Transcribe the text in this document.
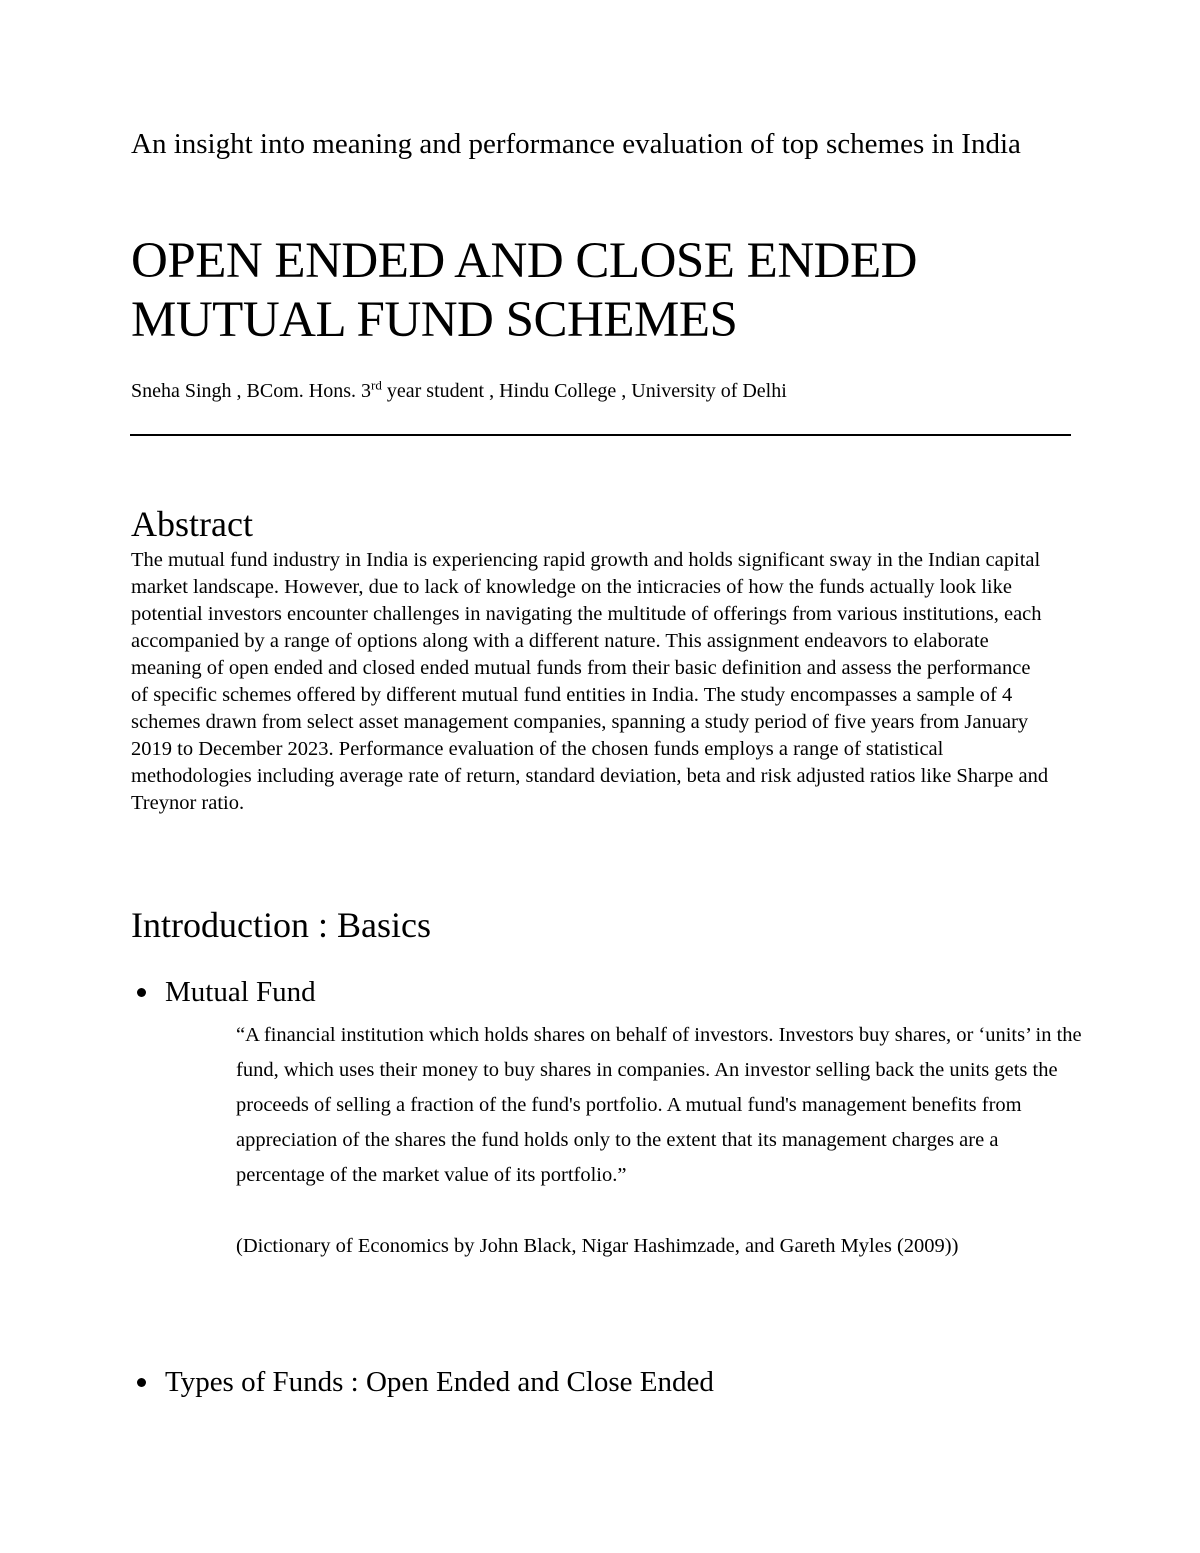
An insight into meaning and performance evaluation of top schemes in India
OPEN ENDED AND CLOSE ENDED MUTUAL FUND SCHEMES

Sneha Singh , BCom. Hons. 3rd year student , Hindu College , University of Delhi

Abstract

The mutual fund industry in India is experiencing rapid growth and holds significant sway in the Indian capital market landscape. However, due to lack of knowledge on the inticracies of how the funds actually look like potential investors encounter challenges in navigating the multitude of offerings from various institutions, each accompanied by a range of options along with a different nature. This assignment endeavors to elaborate meaning of open ended and closed ended mutual funds from their basic definition and assess the performance of specific schemes offered by different mutual fund entities in India. The study encompasses a sample of 4 schemes drawn from select asset management companies, spanning a study period of five years from January 2019 to December 2023. Performance evaluation of the chosen funds employs a range of statistical methodologies including average rate of return, standard deviation, beta and risk adjusted ratios like Sharpe and Treynor ratio.

Introduction : Basics
Mutual Fund

“A financial institution which holds shares on behalf of investors. Investors buy shares, or ‘units’ in the fund, which uses their money to buy shares in companies. An investor selling back the units gets the proceeds of selling a fraction of the fund's portfolio. A mutual fund's management benefits from appreciation of the shares the fund holds only to the extent that its management charges are a percentage of the market value of its portfolio.”

(Dictionary of Economics by John Black, Nigar Hashimzade, and Gareth Myles (2009))

Types of Funds : Open Ended and Close Ended
